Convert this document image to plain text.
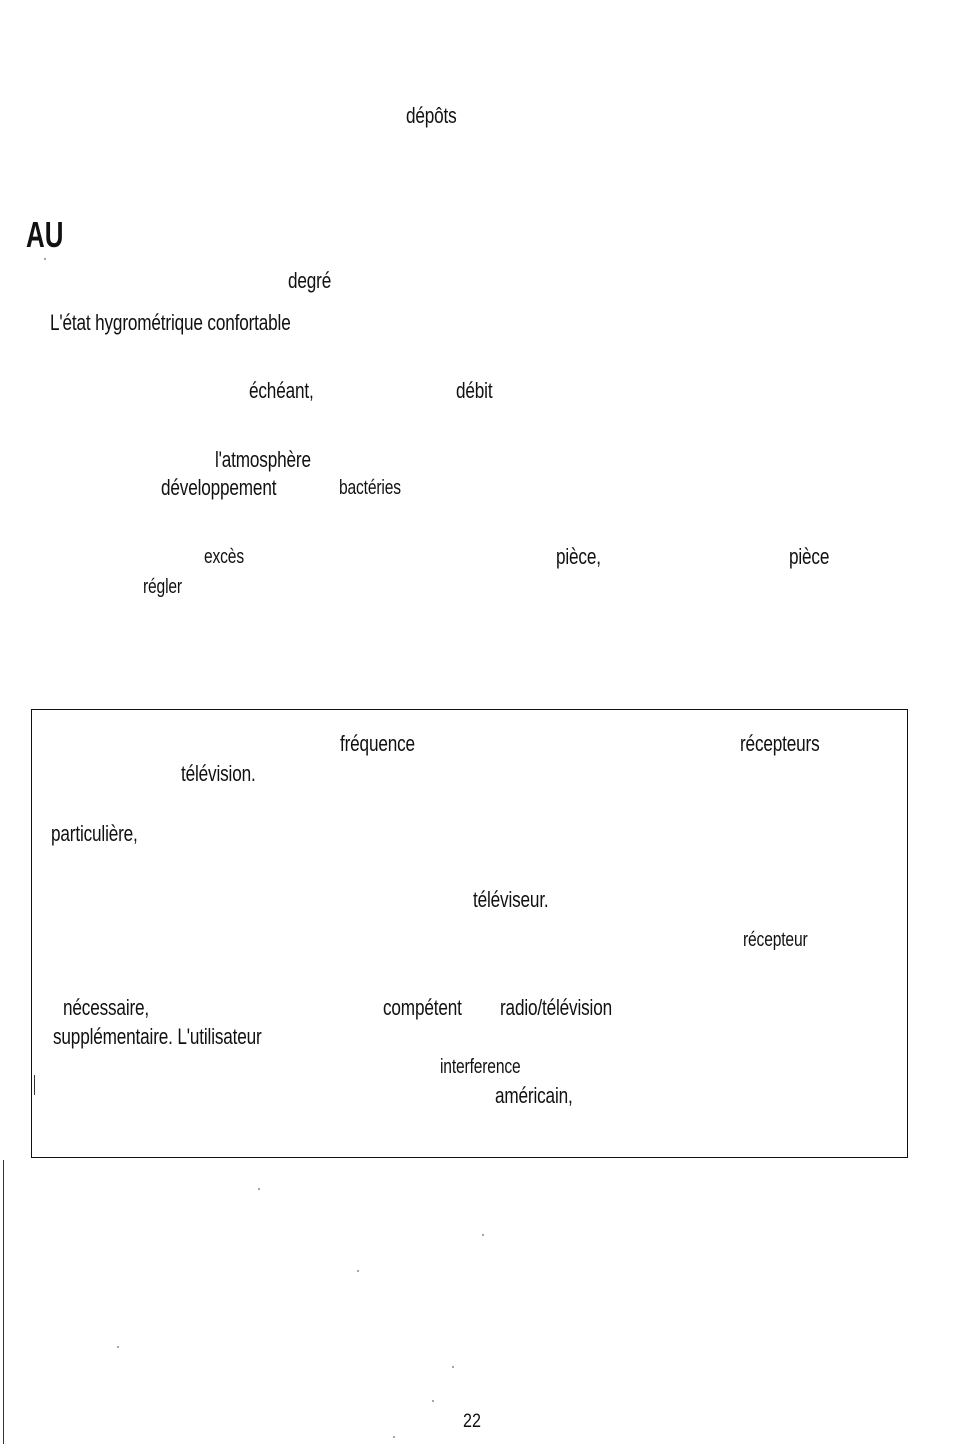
dépôts
AU
degré
L'état hygrométrique confortable
échéant,	débit
l'atmosphère
développement	bactéries
excès	pièce,	pièce
régler
fréquence	récepteurs
télévision.
particulière,
téléviseur.
récepteur
nécessaire,	compétent radio/télévision
supplémentaire. L'utilisateur
interference
américain,
22
